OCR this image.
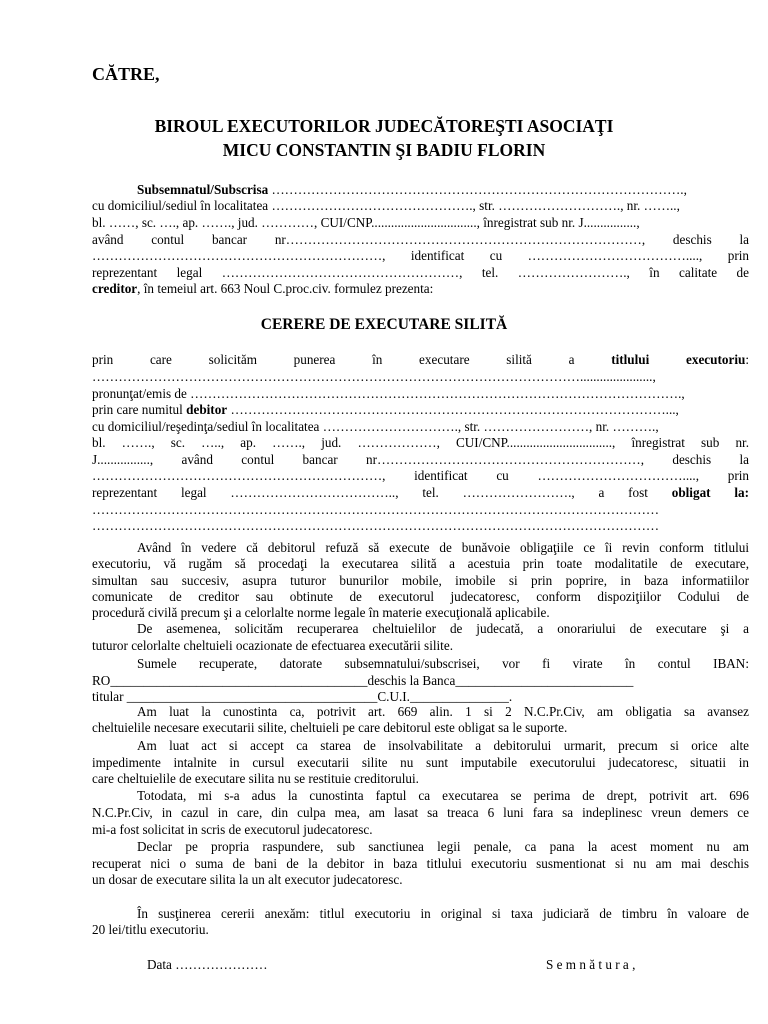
CĂTRE,
BIROUL EXECUTORILOR JUDECĂTOREŞTI ASOCIAŢI
MICU CONSTANTIN ŞI BADIU FLORIN
Subsemnatul/Subscrisa ………………………………………………………………………………….,
cu domiciliul/sediul în localitatea ………………………………………., str. ………………………., nr. ……..,
bl. ……, sc. …., ap. ……., jud. …………, CUI/CNP................................, înregistrat sub nr. J................,
având contul bancar nr………………………………………………………………………, deschis la
…………………………………………………………, identificat cu ………………………………...., prin
reprezentant legal ………………………………………………, tel. ……………………., în calitate de
creditor, în temeiul art. 663 Noul C.proc.civ. formulez prezenta:
CERERE DE EXECUTARE SILITĂ
prin care solicităm punerea în executare silită a titlului executoriu:
…………………………………………………………………………………………………......................,
pronunţat/emis de ………………………………………………………………………………………………….,
prin care numitul debitor ………………………………………………………………………………………...,
cu domiciliul/reşedinţa/sediul în localitatea …………………………., str. ……………………, nr. ……….,
bl. ……., sc. ….., ap. ……., jud. ………………, CUI/CNP................................, înregistrat sub nr.
J................, având contul bancar nr……………………………………………………, deschis la
…………………………………………………………, identificat cu ……………………………...., prin
reprezentant legal ……………………………….., tel. ……………………., a fost obligat la:
…………………………………………………………………………………………………………………
…………………………………………………………………………………………………………………
Având în vedere că debitorul refuză să execute de bunăvoie obligaţiile ce îi revin conform titlului
executoriu, vă rugăm să procedaţi la executarea silită a acestuia prin toate modalitatile de executare,
simultan sau succesiv, asupra tuturor bunurilor mobile, imobile si prin poprire, in baza informatiilor
comunicate de creditor sau obtinute de executorul judecatoresc, conform dispoziţiilor Codului de
procedură civilă precum şi a celorlalte norme legale în materie execuţională aplicabile.
De asemenea, solicităm recuperarea cheltuielilor de judecată, a onorariului de executare şi a
tuturor celorlalte cheltuieli ocazionate de efectuarea executării silite.
Sumele recuperate, datorate subsemnatului/subscrisei, vor fi virate în contul IBAN:
RO_______________________________________deschis la Banca___________________________
titular ______________________________________C.U.I._______________.
Am luat la cunostinta ca, potrivit art. 669 alin. 1 si 2 N.C.Pr.Civ, am obligatia sa avansez
cheltuielile necesare executarii silite, cheltuieli pe care debitorul este obligat sa le suporte.
Am luat act si accept ca starea de insolvabilitate a debitorului urmarit, precum si orice alte
impedimente intalnite in cursul executarii silite nu sunt imputabile executorului judecatoresc, situatii in
care cheltuielile de executare silita nu se restituie creditorului.
Totodata, mi s-a adus la cunostinta faptul ca executarea se perima de drept, potrivit art. 696
N.C.Pr.Civ, in cazul in care, din culpa mea, am lasat sa treaca 6 luni fara sa indeplinesc vreun demers ce
mi-a fost solicitat in scris de executorul judecatoresc.
Declar pe propria raspundere, sub sanctiunea legii penale, ca pana la acest moment nu am
recuperat nici o suma de bani de la debitor in baza titlului executoriu susmentionat si nu am mai deschis
un dosar de executare silita la un alt executor judecatoresc.
În susţinerea cererii anexăm: titlul executoriu in original si taxa judiciară de timbru în valoare de
20 lei/titlu executoriu.
Data …………………	S e m n ă t u r a ,
